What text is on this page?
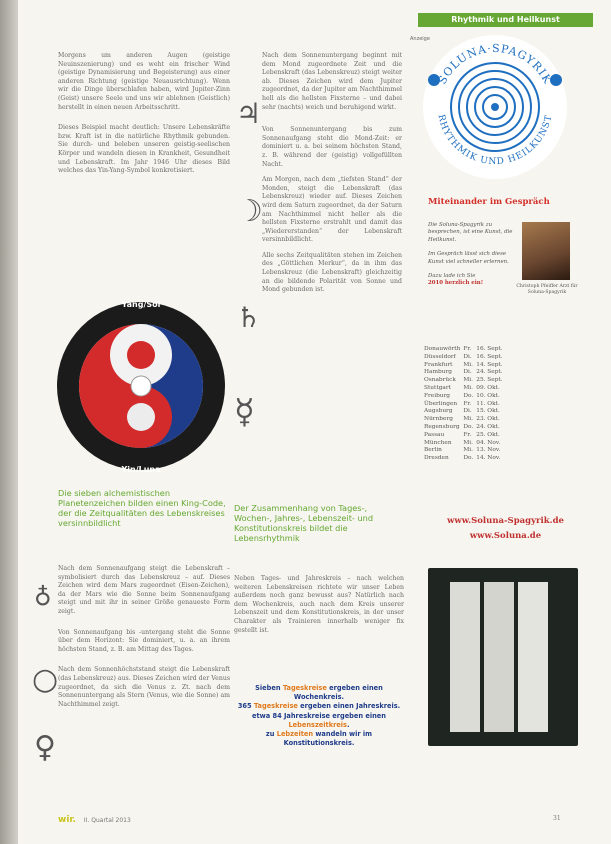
Rhythmik und Heilkunst

Morgens um anderen Augen (geistige Neuinszenierung) und es weht ein frischer Wind (geistige Dynamisierung und Begeisterung) aus einer anderen Richtung (geistige Neuausrichtung). Wenn wir die Dinge überschlafen haben, wird Jupiter-Zinn (Geist) unsere Seele und uns wir ablehnen (Geistlich) herstellt in einen neuen Arbeitsschritt.

Dieses Beispiel macht deutlich: Unsere Lebenskräfte bzw. Kraft ist in die natürliche Rhythmik gebunden. Sie durch- und beleben unseren geistig-seelischen Körper und wandeln diesen in Krankheit, Gesundheit und Lebenskraft. Im Jahr 1946 Uhr dieses Bild welches das Yin-Yang-Symbol konkretisiert.

Yang/Sol
Yin/Luna
Die sieben alchemistischen Planetenzeichen bilden einen King-Code, der die Zeitqualitäten des Lebenskreises versinnbildlicht

Nach dem Sonnenaufgang steigt die Lebenskraft – symbolisiert durch das Lebenskreuz – auf. Dieses Zeichen wird dem Mars zugeordnet (Eisen-Zeichen), da der Mars wie die Sonne beim Sonnenaufgang steigt und mit ihr in seiner Größe genaueste Form zeigt.

Von Sonnenaufgang bis -untergang steht die Sonne über dem Horizont: Sie dominiert, u. a. an ihrem höchsten Stand, z. B. am Mittag des Tages.

Nach dem Sonnenhöchststand steigt die Lebenskraft (das Lebenskreuz) aus. Dieses Zeichen wird der Venus zugeordnet, da sich die Venus z. Zt. nach dem Sonnenuntergang als Stern (Venus, wie die Sonne) am Nachthimmel zeigt.

♁
○
♀

Nach dem Sonnenuntergang beginnt mit dem Mond zugeordnete Zeit und die Lebenskraft (das Lebenskreuz) steigt weiter ab. Dieses Zeichen wird dem Jupiter zugeordnet, da der Jupiter am Nachthimmel hell als die hellsten Fixsterne – und dabei sehr (nachts) weich und beruhigend wirkt.

Von Sonnenuntergang bis zum Sonnenaufgang steht die Mond-Zeit: er dominiert u. a. bei seinem höchsten Stand, z. B. während der (geistig) vollgefüllten Nacht.

Am Morgen, nach dem „tiefsten Stand“ der Monden, steigt die Lebenskraft (das Lebenskreuz) wieder auf. Dieses Zeichen wird dem Saturn zugeordnet, da der Saturn am Nachthimmel nicht heller als die hellsten Fixsterne erstrahlt und damit das „Wiedererstanden“ der Lebenskraft versinnbildlicht.

Alle sechs Zeitqualitäten stehen im Zeichen des „Göttlichen Merkur“, da in ihm das Lebenskreuz (die Lebenskraft) gleichzeitig an die bildende Polarität von Sonne und Mond gebunden ist.

♃
☽
♄
☿
Der Zusammenhang von Tages-, Wochen-, Jahres-, Lebenszeit- und Konstitutionskreis bildet die Lebensrhythmik
Neben Tages- und Jahreskreis – nach welchen weiteren Lebenskreisen richtete wir unser Leben außerdem noch ganz bewusst aus? Natürlich nach dem Wochenkreis, auch nach dem Kreis unserer Lebenszeit und dem Konstitutionskreis, in der unser Charakter als Trainieren innerhalb weniger fix gestellt ist.
Sieben Tageskreise ergeben einen Wochenkreis.
365 Tageskreise ergeben einen Jahreskreis.
etwa 84 Jahreskreise ergeben einen Lebenszeitkreis.
zu Lebzeiten wandeln wir im Konstitutionskreis.
Anzeige
SOLUNA·SPAGYRIK
RHYTHMIK UND HEILKUNST
Miteinander im Gespräch

Die Soluna-Spagyrik zu besprechen, ist eine Kunst, die Heilkunst.

Im Gespräch lässt sich diese Kunst viel schneller erlernen.

Dazu lade ich Sie
2010 herzlich ein!

Christoph Pfeiffer Arzt für Soluna-Spagyrik
Donauwörth	Fr.	16. Sept.
Düsseldorf	Di.	16. Sept.
Frankfurt	Mi.	14. Sept.
Hamburg	Di.	24. Sept.
Osnabrück	Mi.	25. Sept.
Stuttgart	Mi.	09. Okt.
Freiburg	Do.	10. Okt.
Überlingen	Fr.	11. Okt.
Augsburg	Di.	15. Okt.
Nürnberg	Mi.	23. Okt.
Regensburg	Do.	24. Okt.
Passau	Fr.	25. Okt.
München	Mi.	04. Nov.
Berlin	Mi.	13. Nov.
Dresden	Do.	14. Nov.
www.Soluna-Spagyrik.de
www.Soluna.de
wir. II. Quartal 2013	31
